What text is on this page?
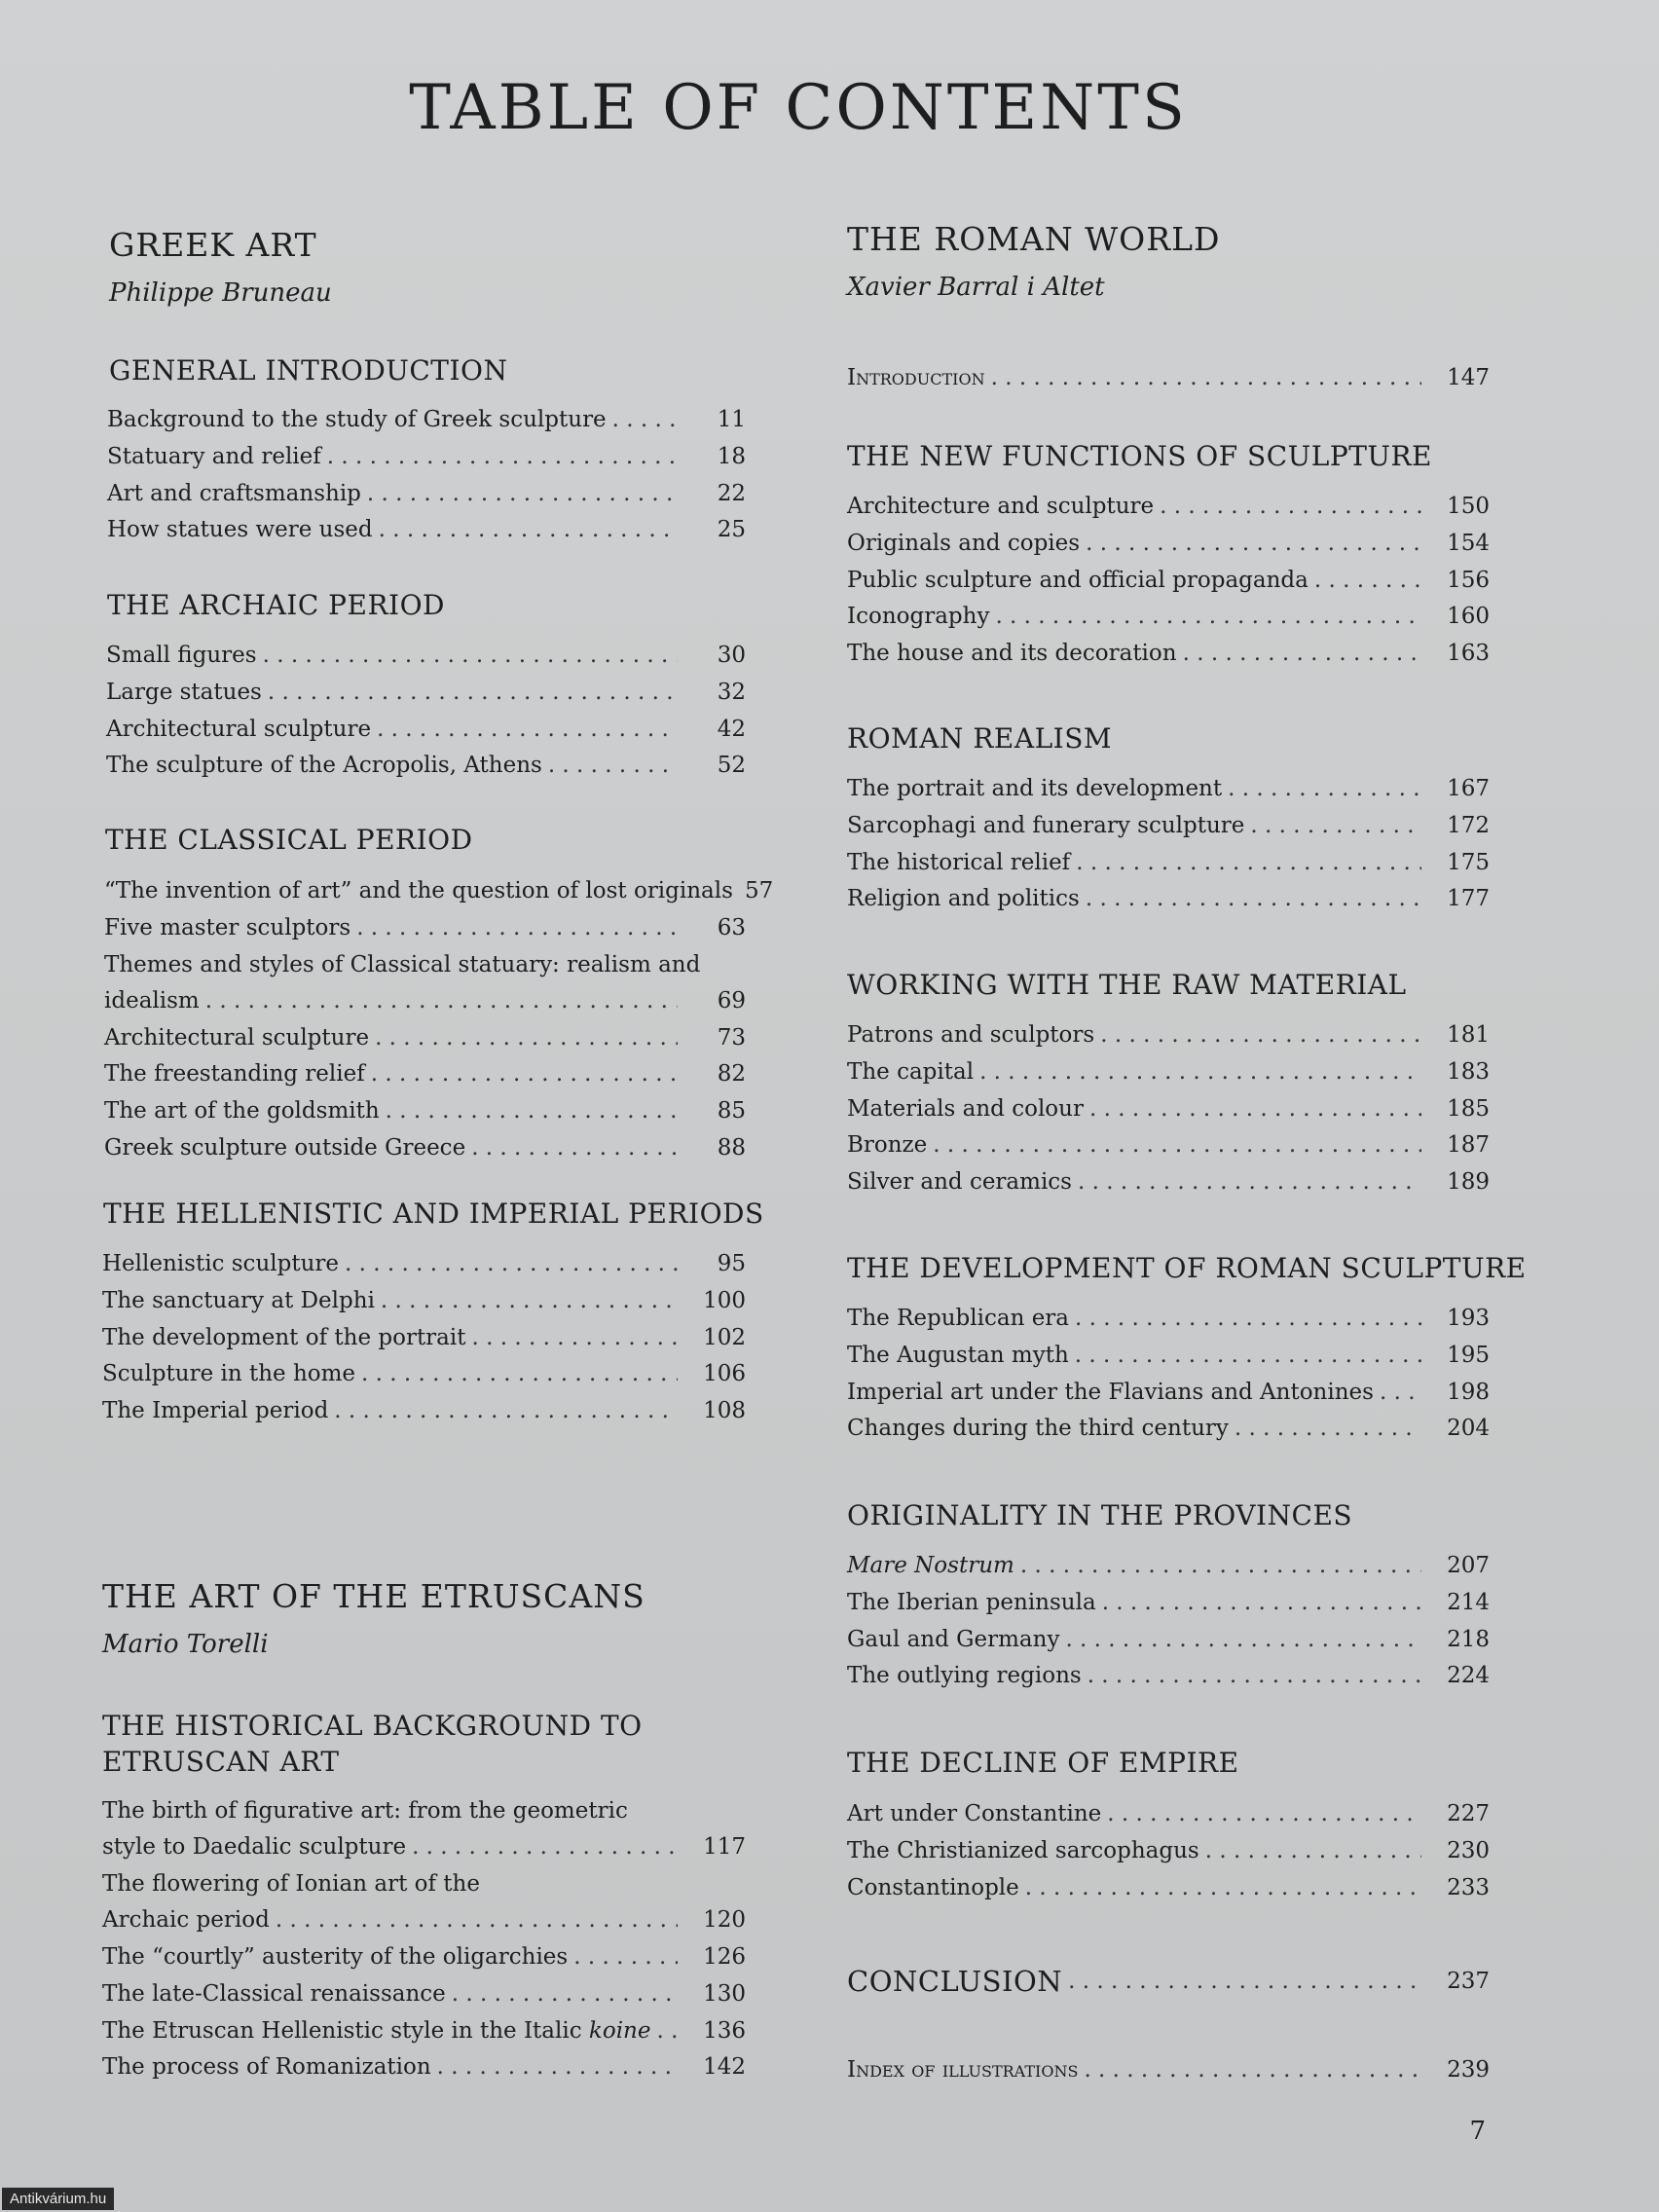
TABLE OF CONTENTS
GREEK ART
Philippe Bruneau
GENERAL INTRODUCTION
THE ARCHAIC PERIOD
THE CLASSICAL PERIOD
THE HELLENISTIC AND IMPERIAL PERIODS
THE ART OF THE ETRUSCANS
Mario Torelli
THE HISTORICAL BACKGROUND TO
ETRUSCAN ART
THE ROMAN WORLD
Xavier Barral i Altet
Introduction . . .	147
THE NEW FUNCTIONS OF SCULPTURE
ROMAN REALISM
WORKING WITH THE RAW MATERIAL
THE DEVELOPMENT OF ROMAN SCULPTURE
ORIGINALITY IN THE PROVINCES
THE DECLINE OF EMPIRE
CONCLUSION . . .	237
Index of illustrations . . .	239
7
Antikvárium.hu
Background to the study of Greek sculpture . . .	11
Statuary and relief . . .	18
Art and craftsmanship . . .	22
How statues were used . . .	25
Small figures . . .	30
Large statues . . .	32
Architectural sculpture . . .	42
The sculpture of the Acropolis, Athens . . .	52
“The invention of art” and the question of lost originals 57
Five master sculptors . . .	63
Themes and styles of Classical statuary: realism and
idealism . . .	69
Architectural sculpture . . .	73
The freestanding relief . . .	82
The art of the goldsmith . . .	85
Greek sculpture outside Greece . . .	88
Hellenistic sculpture . . .	95
The sanctuary at Delphi . . .	100
The development of the portrait . . .	102
Sculpture in the home . . .	106
The Imperial period . . .	108
The birth of figurative art: from the geometric
style to Daedalic sculpture . . .	117
The flowering of Ionian art of the
Archaic period . . .	120
The “courtly” austerity of the oligarchies . . .	126
The late-Classical renaissance . . .	130
The Etruscan Hellenistic style in the Italic koine . . .	136
The process of Romanization . . .	142
Architecture and sculpture . . .	150
Originals and copies . . .	154
Public sculpture and official propaganda . . .	156
Iconography . . .	160
The house and its decoration . . .	163
The portrait and its development . . .	167
Sarcophagi and funerary sculpture . . .	172
The historical relief . . .	175
Religion and politics . . .	177
Patrons and sculptors . . .	181
The capital . . .	183
Materials and colour . . .	185
Bronze . . .	187
Silver and ceramics . . .	189
The Republican era . . .	193
The Augustan myth . . .	195
Imperial art under the Flavians and Antonines . . .	198
Changes during the third century . . .	204
Mare Nostrum . . .	207
The Iberian peninsula . . .	214
Gaul and Germany . . .	218
The outlying regions . . .	224
Art under Constantine . . .	227
The Christianized sarcophagus . . .	230
Constantinople . . .	233
